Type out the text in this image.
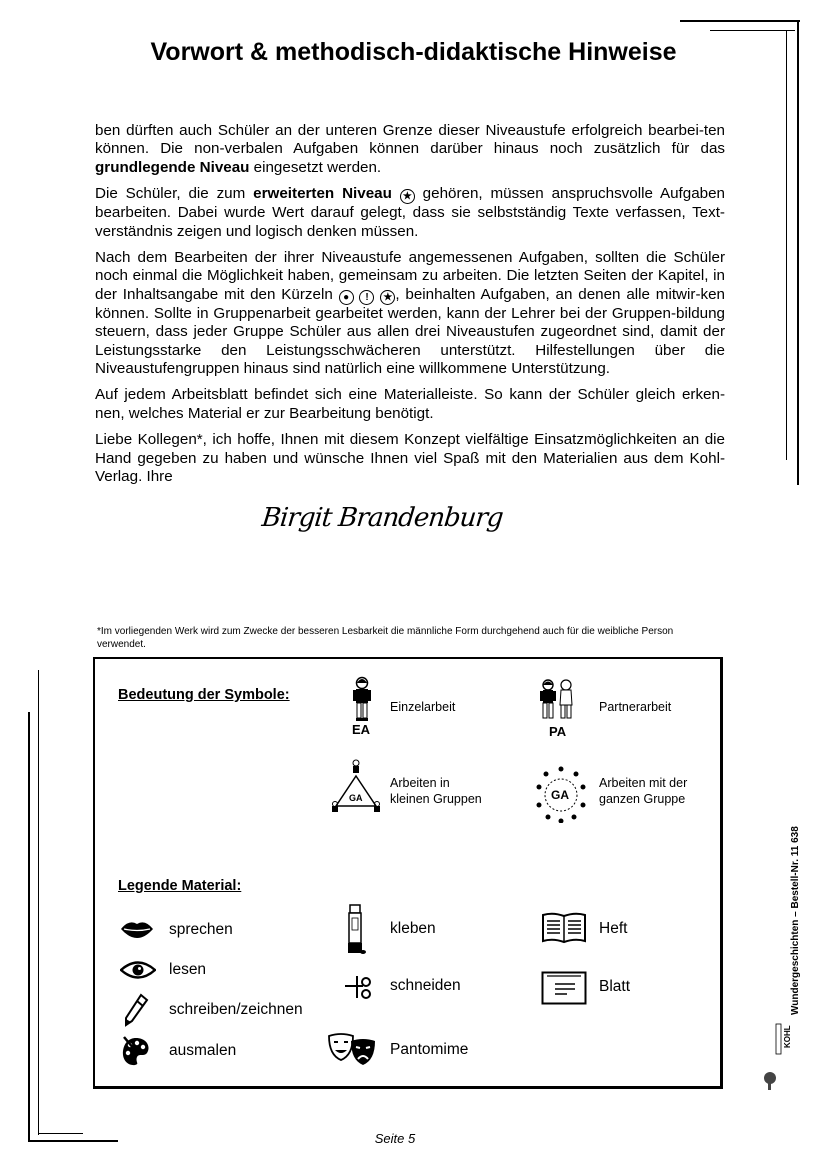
Vorwort & methodisch-didaktische Hinweise

ben dürften auch Schüler an der unteren Grenze dieser Niveaustufe erfolgreich bearbei-ten können. Die non-verbalen Aufgaben können darüber hinaus noch zusätzlich für das grundlegende Niveau eingesetzt werden.

Die Schüler, die zum erweiterten Niveau ★ gehören, müssen anspruchsvolle Aufgaben bearbeiten. Dabei wurde Wert darauf gelegt, dass sie selbstständig Texte verfassen, Text-verständnis zeigen und logisch denken müssen.

Nach dem Bearbeiten der ihrer Niveaustufe angemessenen Aufgaben, sollten die Schüler noch einmal die Möglichkeit haben, gemeinsam zu arbeiten. Die letzten Seiten der Kapitel, in der Inhaltsangabe mit den Kürzeln ● ! ★ , beinhalten Aufgaben, an denen alle mitwir-ken können. Sollte in Gruppenarbeit gearbeitet werden, kann der Lehrer bei der Gruppen-bildung steuern, dass jeder Gruppe Schüler aus allen drei Niveaustufen zugeordnet sind, damit der Leistungsstarke den Leistungsschwächeren unterstützt. Hilfestellungen über die Niveaustufengruppen hinaus sind natürlich eine willkommene Unterstützung.

Auf jedem Arbeitsblatt befindet sich eine Materialleiste. So kann der Schüler gleich erken-nen, welches Material er zur Bearbeitung benötigt.

Liebe Kollegen*, ich hoffe, Ihnen mit diesem Konzept vielfältige Einsatzmöglichkeiten an die Hand gegeben zu haben und wünsche Ihnen viel Spaß mit den Materialien aus dem Kohl-Verlag. Ihre

Birgit Brandenburg
*Im vorliegenden Werk wird zum Zwecke der besseren Lesbarkeit die männliche Form durchgehend auch für die weibliche Person verwendet.
Bedeutung der Symbole:
EA
Einzelarbeit
PA
Partnerarbeit
GA
Arbeiten in
kleinen Gruppen	GA
Arbeiten mit der
ganzen Gruppe
Legende Material:
sprechen
lesen
schreiben/zeichnen
ausmalen
kleben
schneiden
Pantomime
Heft
Blatt	Wundergeschichten – Bestell-Nr. 11 638
KOHL
Seite 5
